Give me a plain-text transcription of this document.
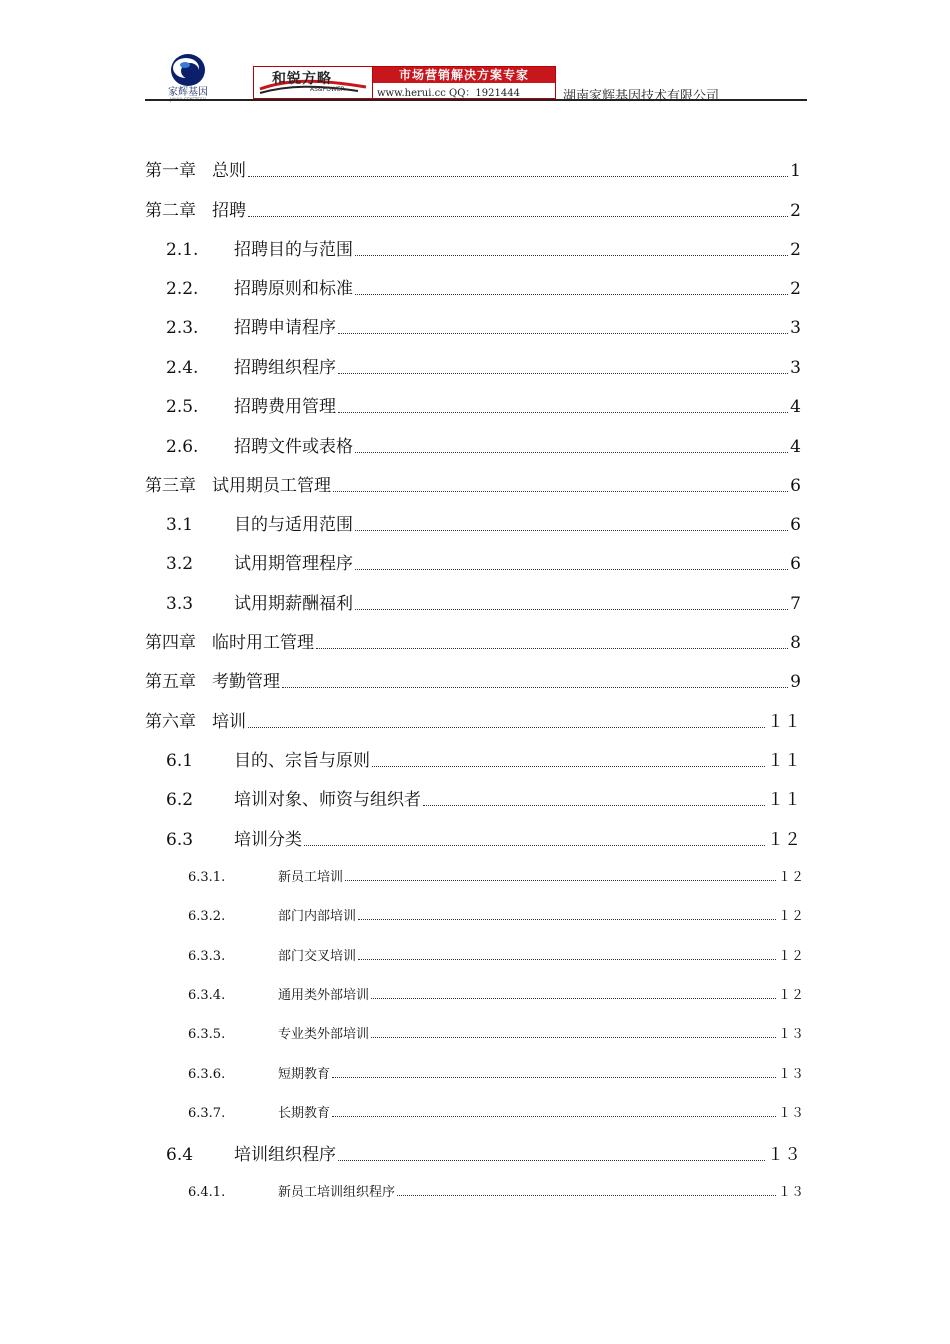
家辉基因
JIAHUI GENETECH
和锐方略
AS&POWER
市场营销解决方案专家
www.herui.cc QQ：1921444	湖南家辉基因技术有限公司
第一章 总则	1
第二章 招聘	2
2.1.	招聘目的与范围	2
2.2.	招聘原则和标准	2
2.3.	招聘申请程序	3
2.4.	招聘组织程序	3
2.5.	招聘费用管理	4
2.6.	招聘文件或表格	4
第三章 试用期员工管理	6
3.1	目的与适用范围	6
3.2	试用期管理程序	6
3.3	试用期薪酬福利	7
第四章 临时用工管理	8
第五章 考勤管理	9
第六章 培训	１１
6.1	目的、宗旨与原则	１１
6.2	培训对象、师资与组织者	１１
6.3	培训分类	１２
6.3.1.	新员工培训	１２
6.3.2.	部门内部培训	１２
6.3.3.	部门交叉培训	１２
6.3.4.	通用类外部培训	１２
6.3.5.	专业类外部培训	１３
6.3.6.	短期教育	１３
6.3.7.	长期教育	１３
6.4	培训组织程序	１３
6.4.1.	新员工培训组织程序	１３
